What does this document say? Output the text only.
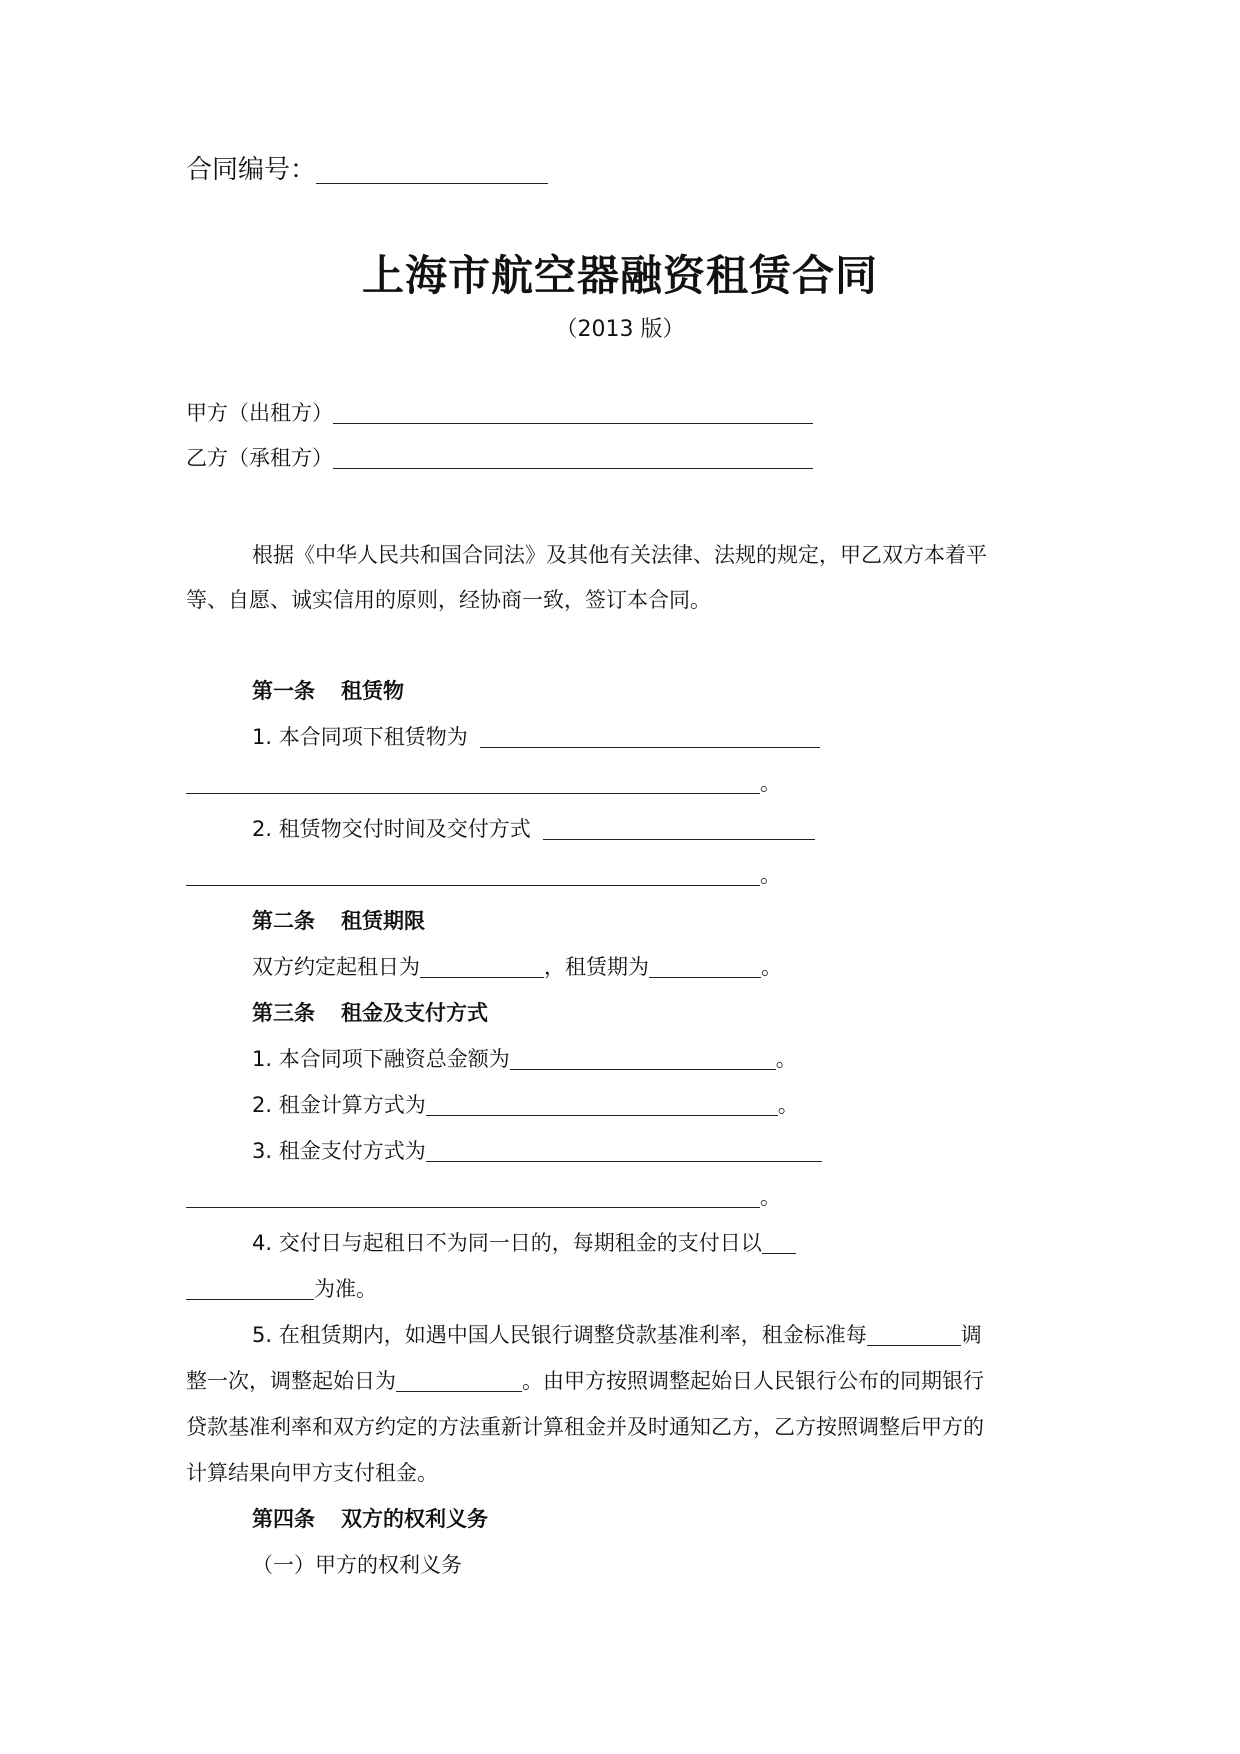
合同编号：
上海市航空器融资租赁合同
（2013 版）
甲方（出租方）
乙方（承租方）
根据《中华人民共和国合同法》及其他有关法律、法规的规定，甲乙双方本着平
等、自愿、诚实信用的原则，经协商一致，签订本合同。
第一条 租赁物
1. 本合同项下租赁物为
。
2. 租赁物交付时间及交付方式
。
第二条 租赁期限
双方约定起租日为	，租赁期为	。
第三条 租金及支付方式
1. 本合同项下融资总金额为	。
2. 租金计算方式为	。
3. 租金支付方式为
。
4. 交付日与起租日不为同一日的，每期租金的支付日以
为准。
5. 在租赁期内，如遇中国人民银行调整贷款基准利率，租金标准每	调
整一次，调整起始日为	。由甲方按照调整起始日人民银行公布的同期银行
贷款基准利率和双方约定的方法重新计算租金并及时通知乙方，乙方按照调整后甲方的
计算结果向甲方支付租金。
第四条 双方的权利义务
（一）甲方的权利义务
